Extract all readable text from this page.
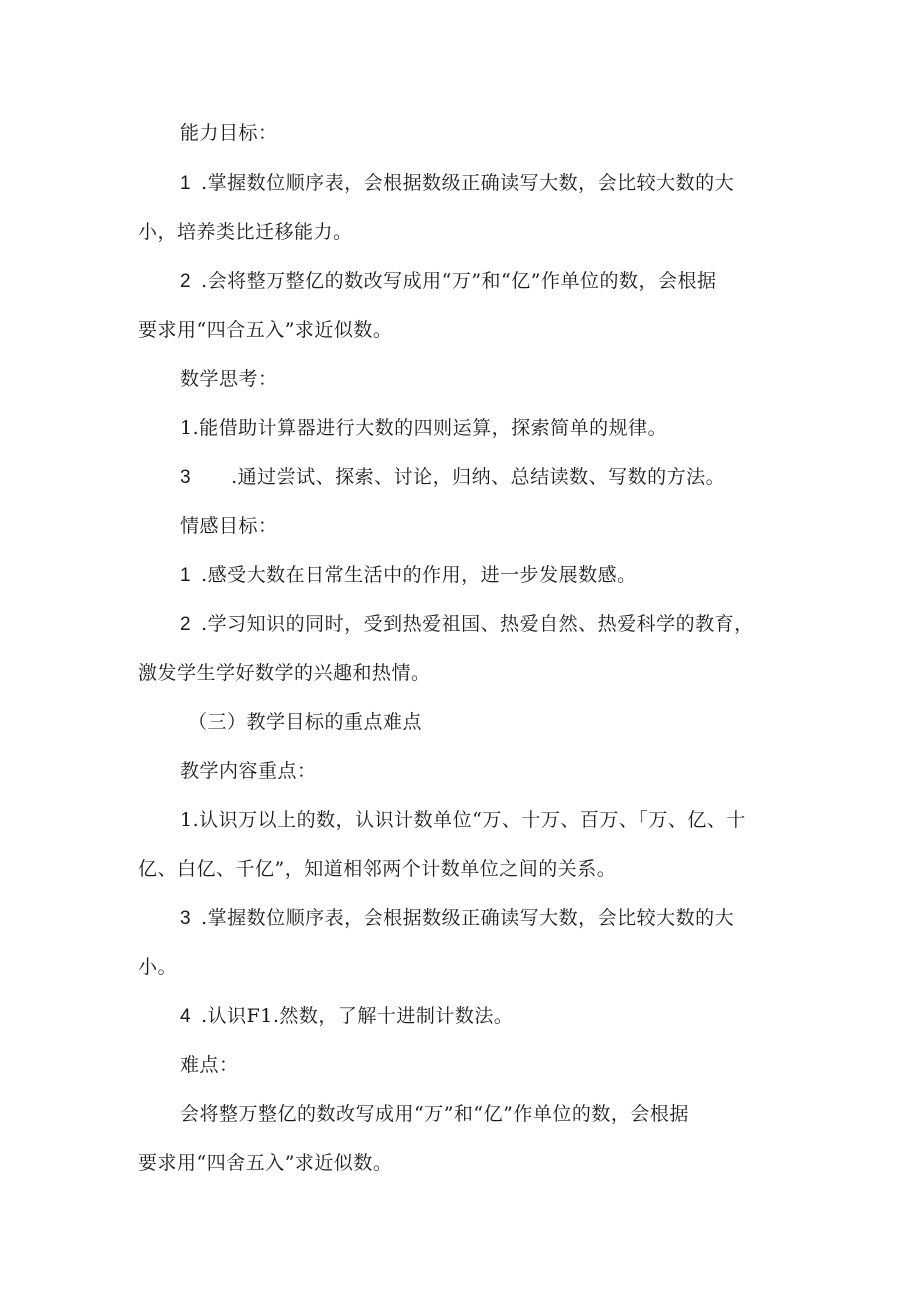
能力目标：
1 .掌握数位顺序表，会根据数级正确读写大数，会比较大数的大
小，培养类比迁移能力。
2 .会将整万整亿的数改写成用“万”和“亿”作单位的数，会根据
要求用“四合五入”求近似数。
数学思考：
1.能借助计算器进行大数的四则运算，探索简单的规律。
3 .通过尝试、探索、讨论，归纳、总结读数、写数的方法。
情感目标：
1 .感受大数在日常生活中的作用，进一步发展数感。
2 .学习知识的同时，受到热爱祖国、热爱自然、热爱科学的教育，
激发学生学好数学的兴趣和热情。
（三）教学目标的重点难点
教学内容重点：
1.认识万以上的数，认识计数单位“万、十万、百万、「万、亿、十
亿、白亿、千亿”，知道相邻两个计数单位之间的关系。
3 .掌握数位顺序表，会根据数级正确读写大数，会比较大数的大
小。
4 .认识F1.然数，了解十进制计数法。
难点：
会将整万整亿的数改写成用“万”和“亿”作单位的数，会根据
要求用“四舍五入”求近似数。
